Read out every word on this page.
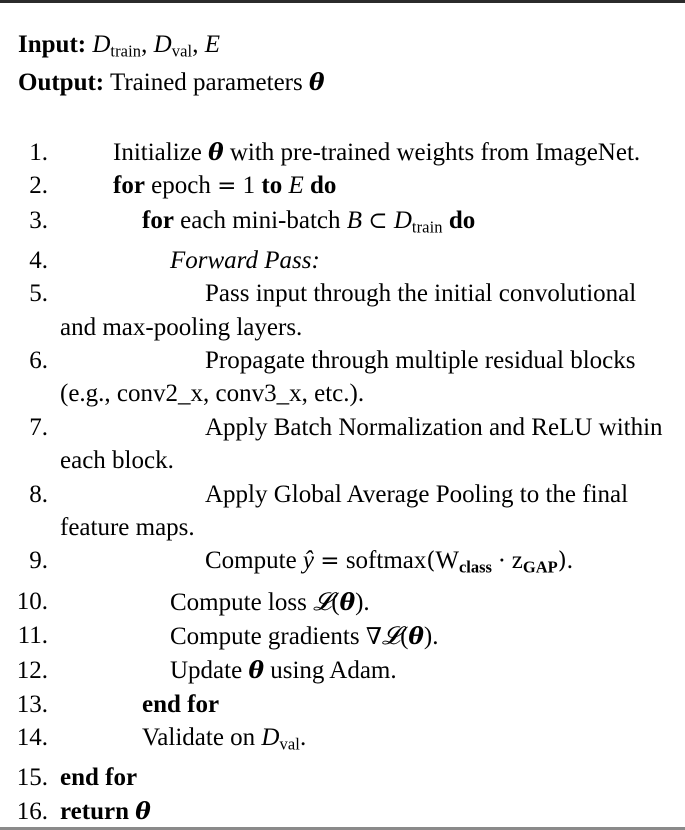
Input: $D_{train}$, $D_{val}$, E
Output: Trained parameters θ
1.	Initialize θ with pre-trained weights from ImageNet.
2.	for epoch = 1 to E do
3.	for each mini-batch B ⊂ $D_{train}$ do
4.	Forward Pass:
5.	Pass input through the initial convolutional and max-pooling layers.
6.	Propagate through multiple residual blocks (e.g., conv2_x, conv3_x, etc.).
7.	Apply Batch Normalization and ReLU within each block.
8.	Apply Global Average Pooling to the final feature maps.
9.	Compute ŷ = softmax(Wclass · zGAP).
10.	Compute loss 𝓛(θ).
11.	Compute gradients ∇𝓛(θ).
12.	Update θ using Adam.
13.	end for
14.	Validate on $D_{val}$.
15. end for
16. return θ
